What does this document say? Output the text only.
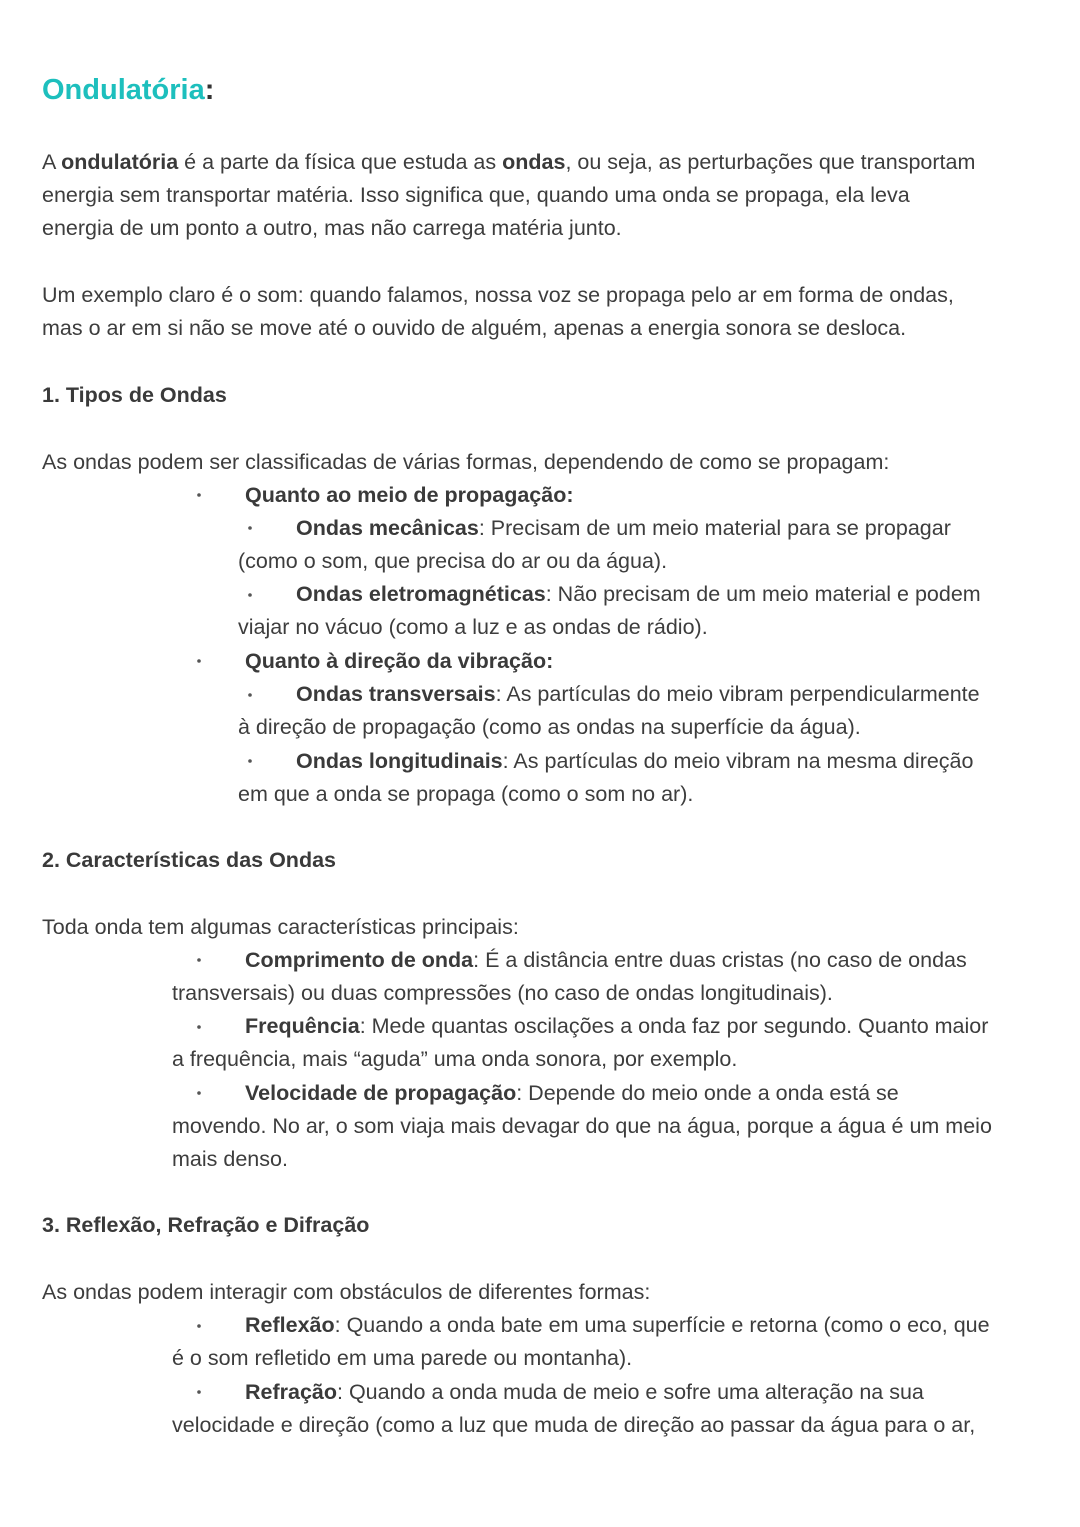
Ondulatória:
A ondulatória é a parte da física que estuda as ondas, ou seja, as perturbações que transportam
energia sem transportar matéria. Isso significa que, quando uma onda se propaga, ela leva
energia de um ponto a outro, mas não carrega matéria junto.
Um exemplo claro é o som: quando falamos, nossa voz se propaga pelo ar em forma de ondas,
mas o ar em si não se move até o ouvido de alguém, apenas a energia sonora se desloca.
1. Tipos de Ondas
As ondas podem ser classificadas de várias formas, dependendo de como se propagam:
Quanto ao meio de propagação:
Ondas mecânicas: Precisam de um meio material para se propagar
(como o som, que precisa do ar ou da água).
Ondas eletromagnéticas: Não precisam de um meio material e podem
viajar no vácuo (como a luz e as ondas de rádio).
Quanto à direção da vibração:
Ondas transversais: As partículas do meio vibram perpendicularmente
à direção de propagação (como as ondas na superfície da água).
Ondas longitudinais: As partículas do meio vibram na mesma direção
em que a onda se propaga (como o som no ar).
2. Características das Ondas
Toda onda tem algumas características principais:
Comprimento de onda: É a distância entre duas cristas (no caso de ondas
transversais) ou duas compressões (no caso de ondas longitudinais).
Frequência: Mede quantas oscilações a onda faz por segundo. Quanto maior
a frequência, mais “aguda” uma onda sonora, por exemplo.
Velocidade de propagação: Depende do meio onde a onda está se
movendo. No ar, o som viaja mais devagar do que na água, porque a água é um meio
mais denso.
3. Reflexão, Refração e Difração
As ondas podem interagir com obstáculos de diferentes formas:
Reflexão: Quando a onda bate em uma superfície e retorna (como o eco, que
é o som refletido em uma parede ou montanha).
Refração: Quando a onda muda de meio e sofre uma alteração na sua
velocidade e direção (como a luz que muda de direção ao passar da água para o ar,
